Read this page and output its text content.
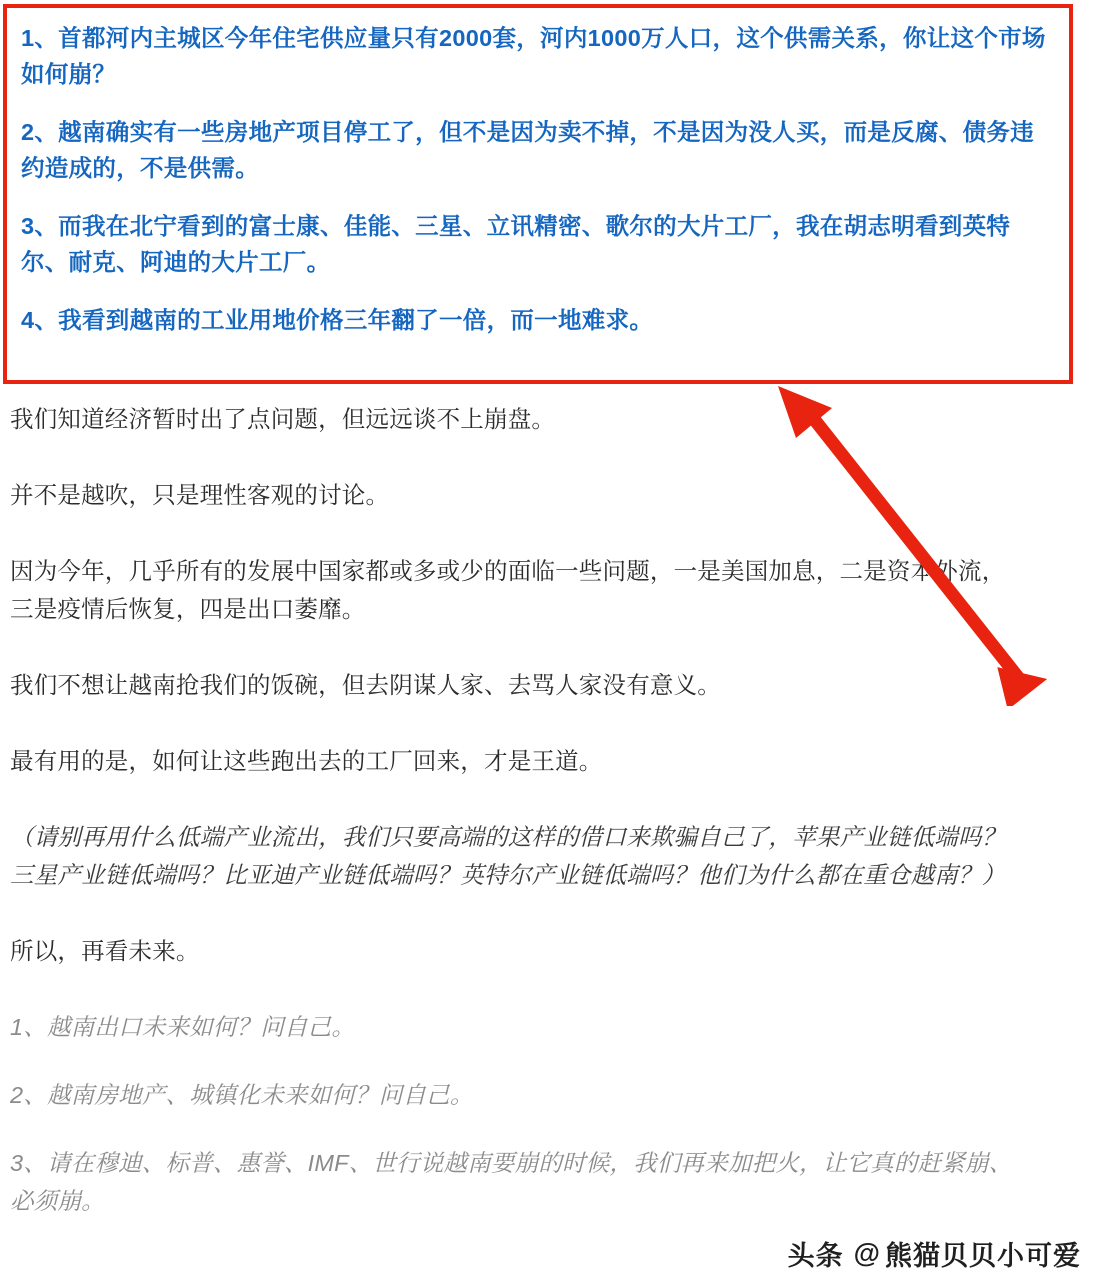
1、首都河内主城区今年住宅供应量只有2000套，河内1000万人口，这个供需关系，你让这个市场如何崩？

2、越南确实有一些房地产项目停工了，但不是因为卖不掉，不是因为没人买，而是反腐、债务违约造成的，不是供需。

3、而我在北宁看到的富士康、佳能、三星、立讯精密、歌尔的大片工厂，我在胡志明看到英特尔、耐克、阿迪的大片工厂。

4、我看到越南的工业用地价格三年翻了一倍，而一地难求。

我们知道经济暂时出了点问题，但远远谈不上崩盘。

并不是越吹，只是理性客观的讨论。

因为今年，几乎所有的发展中国家都或多或少的面临一些问题，一是美国加息，二是资本外流，三是疫情后恢复，四是出口萎靡。

我们不想让越南抢我们的饭碗，但去阴谋人家、去骂人家没有意义。

最有用的是，如何让这些跑出去的工厂回来，才是王道。

（请别再用什么低端产业流出，我们只要高端的这样的借口来欺骗自己了，苹果产业链低端吗？三星产业链低端吗？比亚迪产业链低端吗？英特尔产业链低端吗？他们为什么都在重仓越南？）

所以，再看未来。

1、越南出口未来如何？问自己。

2、越南房地产、城镇化未来如何？问自己。

3、请在穆迪、标普、惠誉、IMF、世行说越南要崩的时候，我们再来加把火，让它真的赶紧崩、必须崩。

头条 @ 熊猫贝贝小可爱
